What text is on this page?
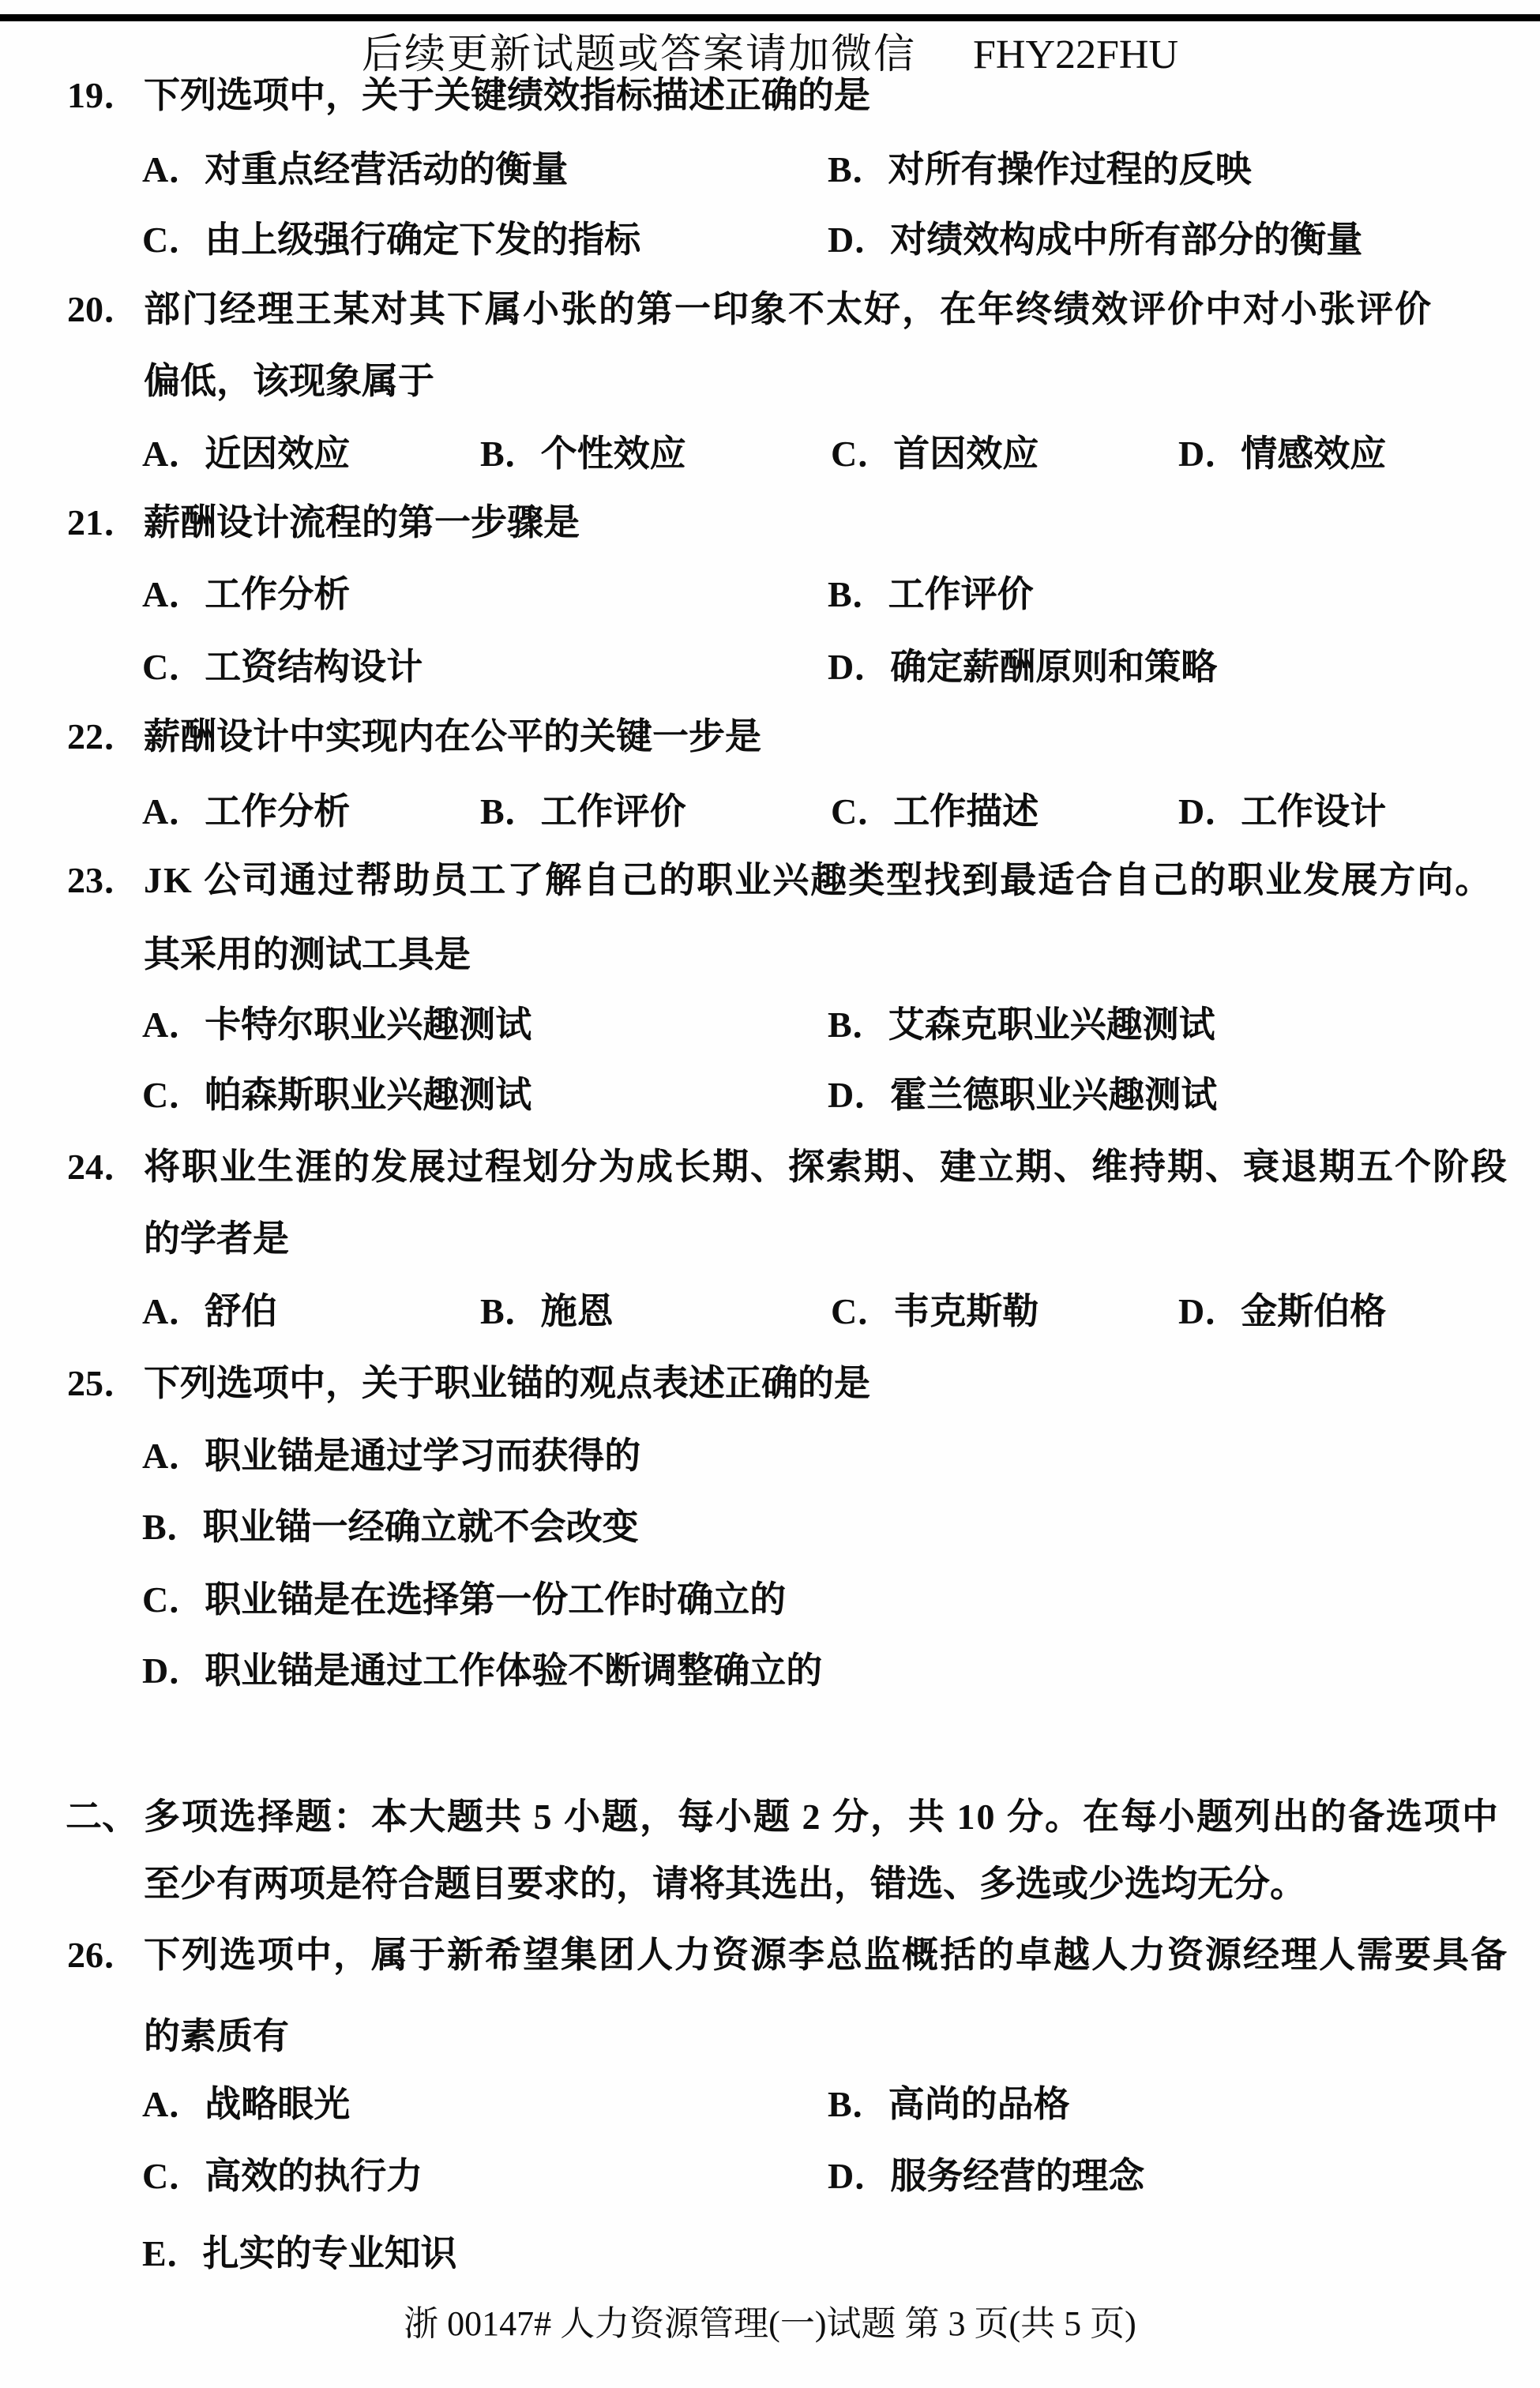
后续更新试题或答案请加微信 FHY22FHU
19． 下列选项中，关于关键绩效指标描述正确的是
A．对重点经营活动的衡量	B．对所有操作过程的反映
C．由上级强行确定下发的指标	D．对绩效构成中所有部分的衡量
20． 部门经理王某对其下属小张的第一印象不太好，在年终绩效评价中对小张评价
偏低，该现象属于
A．近因效应	B．个性效应	C．首因效应	D．情感效应
21． 薪酬设计流程的第一步骤是
A．工作分析	B．工作评价
C．工资结构设计	D．确定薪酬原则和策略
22． 薪酬设计中实现内在公平的关键一步是
A．工作分析	B．工作评价	C．工作描述	D．工作设计
23． JK 公司通过帮助员工了解自己的职业兴趣类型找到最适合自己的职业发展方向。
其采用的测试工具是
A．卡特尔职业兴趣测试	B．艾森克职业兴趣测试
C．帕森斯职业兴趣测试	D．霍兰德职业兴趣测试
24． 将职业生涯的发展过程划分为成长期、探索期、建立期、维持期、衰退期五个阶段
的学者是
A．舒伯	B．施恩	C．韦克斯勒	D．金斯伯格
25． 下列选项中，关于职业锚的观点表述正确的是
A．职业锚是通过学习而获得的
B．职业锚一经确立就不会改变
C．职业锚是在选择第一份工作时确立的
D．职业锚是通过工作体验不断调整确立的
二、 多项选择题：本大题共 5 小题，每小题 2 分，共 10 分。在每小题列出的备选项中
至少有两项是符合题目要求的，请将其选出，错选、多选或少选均无分。
26． 下列选项中，属于新希望集团人力资源李总监概括的卓越人力资源经理人需要具备
的素质有
A．战略眼光	B．高尚的品格
C．高效的执行力	D．服务经营的理念
E．扎实的专业知识
浙 00147# 人力资源管理(一)试题 第 3 页(共 5 页)
